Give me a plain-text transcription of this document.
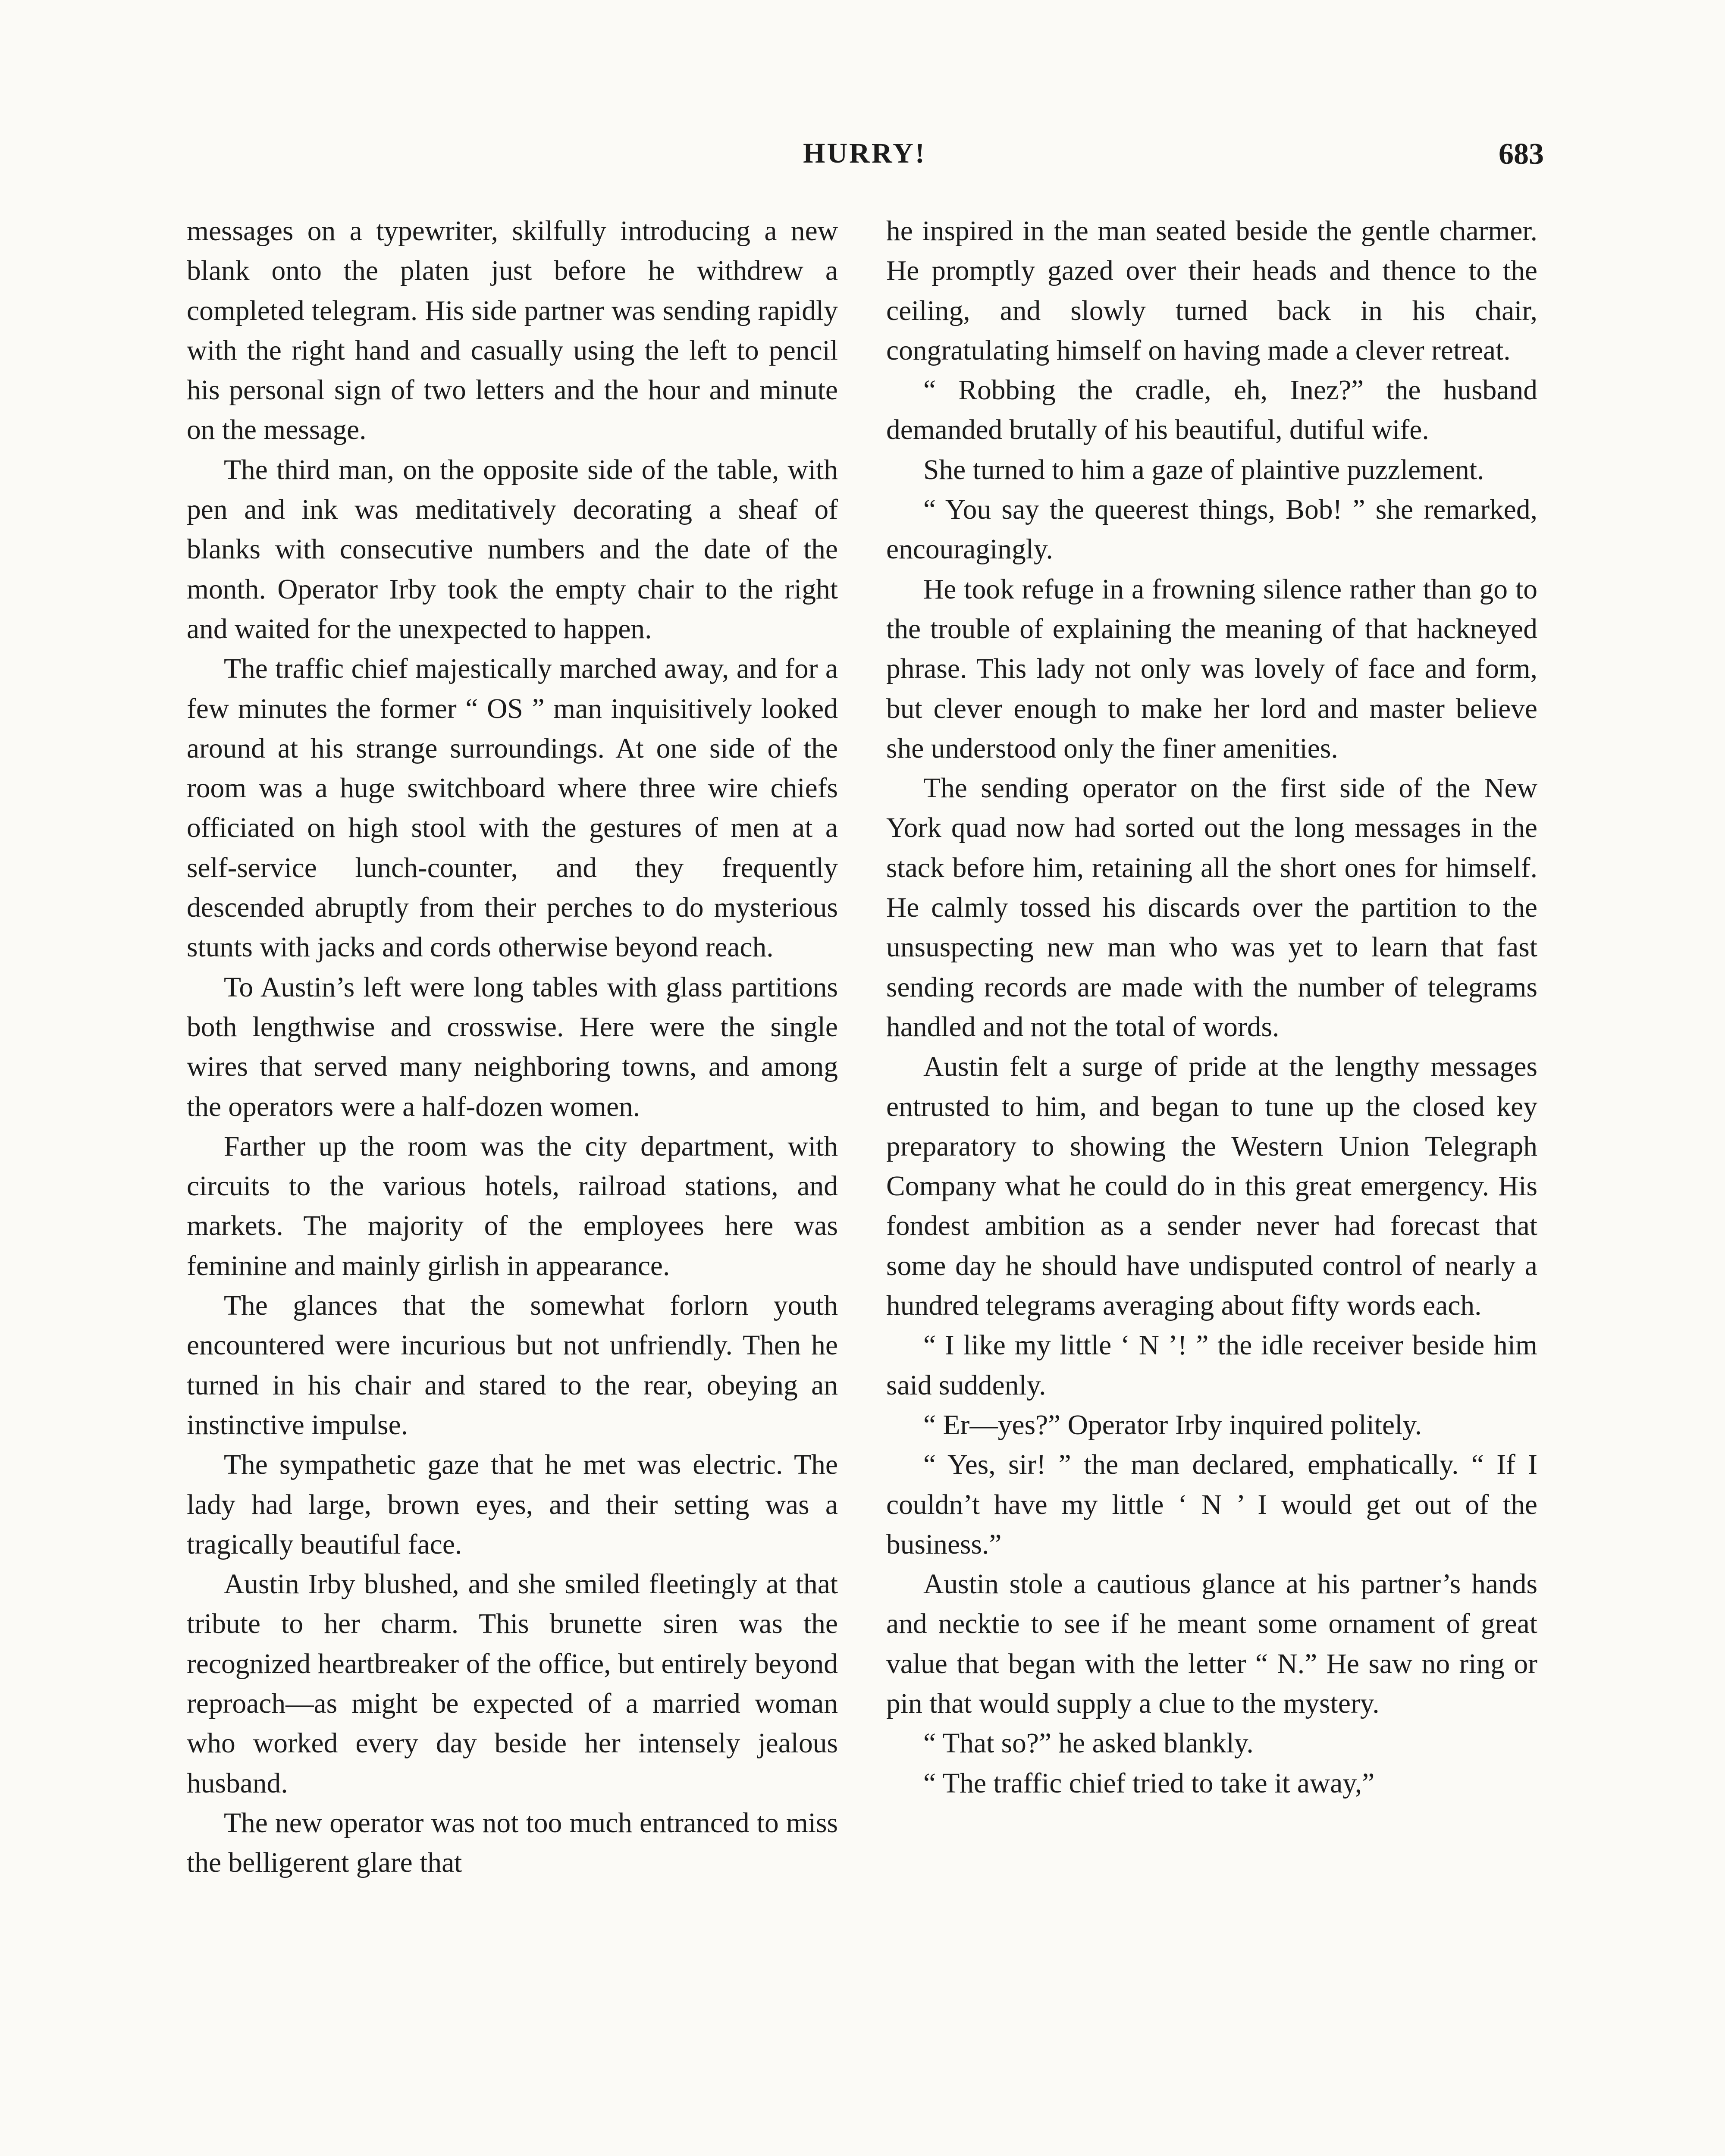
HURRY!	683

messages on a typewriter, skilfully introducing a new blank onto the platen just before he withdrew a completed telegram. His side partner was sending rapidly with the right hand and casually using the left to pencil his personal sign of two letters and the hour and minute on the message.

The third man, on the opposite side of the table, with pen and ink was meditatively decorating a sheaf of blanks with consecutive numbers and the date of the month. Operator Irby took the empty chair to the right and waited for the unexpected to happen.

The traffic chief majestically marched away, and for a few minutes the former “ OS ” man inquisitively looked around at his strange surroundings. At one side of the room was a huge switchboard where three wire chiefs officiated on high stool with the gestures of men at a self-service lunch-counter, and they frequently descended abruptly from their perches to do mysterious stunts with jacks and cords otherwise beyond reach.

To Austin’s left were long tables with glass partitions both lengthwise and crosswise. Here were the single wires that served many neighboring towns, and among the operators were a half-dozen women.

Farther up the room was the city department, with circuits to the various hotels, railroad stations, and markets. The majority of the employees here was feminine and mainly girlish in appearance.

The glances that the somewhat forlorn youth encountered were incurious but not unfriendly. Then he turned in his chair and stared to the rear, obeying an instinctive impulse.

The sympathetic gaze that he met was electric. The lady had large, brown eyes, and their setting was a tragically beautiful face.

Austin Irby blushed, and she smiled fleetingly at that tribute to her charm. This brunette siren was the recognized heartbreaker of the office, but entirely beyond reproach—as might be expected of a married woman who worked every day beside her intensely jealous husband.

The new operator was not too much entranced to miss the belligerent glare that

he inspired in the man seated beside the gentle charmer. He promptly gazed over their heads and thence to the ceiling, and slowly turned back in his chair, congratulating himself on having made a clever retreat.

“ Robbing the cradle, eh, Inez?” the husband demanded brutally of his beautiful, dutiful wife.

She turned to him a gaze of plaintive puzzlement.

“ You say the queerest things, Bob! ” she remarked, encouragingly.

He took refuge in a frowning silence rather than go to the trouble of explaining the meaning of that hackneyed phrase. This lady not only was lovely of face and form, but clever enough to make her lord and master believe she understood only the finer amenities.

The sending operator on the first side of the New York quad now had sorted out the long messages in the stack before him, retaining all the short ones for himself. He calmly tossed his discards over the partition to the unsuspecting new man who was yet to learn that fast sending records are made with the number of telegrams handled and not the total of words.

Austin felt a surge of pride at the lengthy messages entrusted to him, and began to tune up the closed key preparatory to showing the Western Union Telegraph Company what he could do in this great emergency. His fondest ambition as a sender never had forecast that some day he should have undisputed control of nearly a hundred telegrams averaging about fifty words each.

“ I like my little ‘ N ’! ” the idle receiver beside him said suddenly.

“ Er—yes?” Operator Irby inquired politely.

“ Yes, sir! ” the man declared, emphatically. “ If I couldn’t have my little ‘ N ’ I would get out of the business.”

Austin stole a cautious glance at his partner’s hands and necktie to see if he meant some ornament of great value that began with the letter “ N.” He saw no ring or pin that would supply a clue to the mystery.

“ That so?” he asked blankly.

“ The traffic chief tried to take it away,”
